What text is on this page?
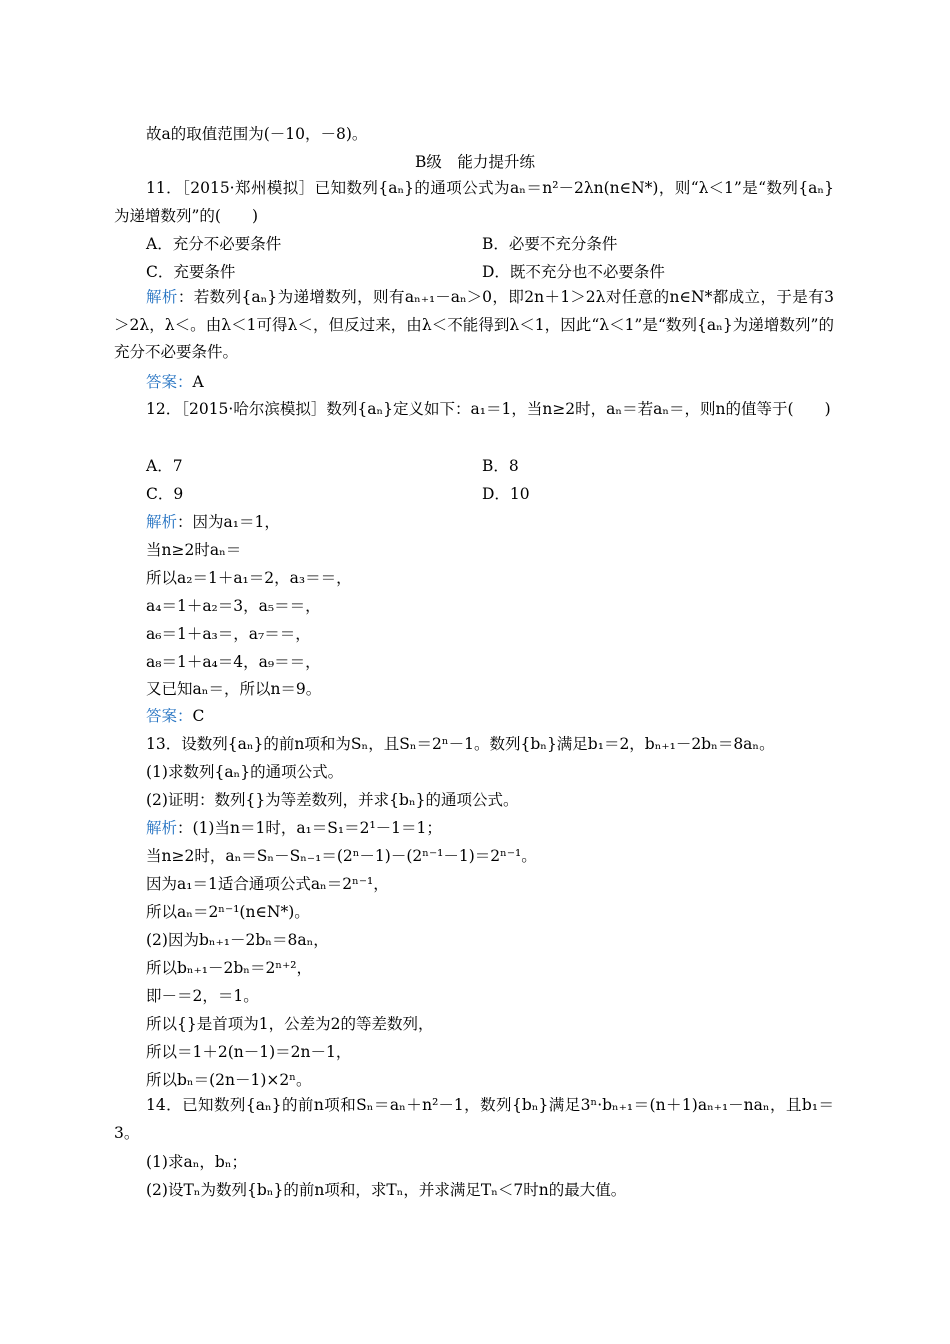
故a的取值范围为(－10，－8)。
B级　能力提升练
11．［2015·郑州模拟］已知数列{aₙ}的通项公式为aₙ＝n²－2λn(n∈N*)，则“λ＜1”是“数列{aₙ}为递增数列”的(　　)
A．充分不必要条件	B．必要不充分条件
C．充要条件	D．既不充分也不必要条件
解析：若数列{aₙ}为递增数列，则有aₙ₊₁－aₙ＞0，即2n＋1＞2λ对任意的n∈N*都成立，于是有3＞2λ，λ＜。由λ＜1可得λ＜，但反过来，由λ＜不能得到λ＜1，因此“λ＜1”是“数列{aₙ}为递增数列”的充分不必要条件。
答案：A
12．［2015·哈尔滨模拟］数列{aₙ}定义如下：a₁＝1，当n≥2时，aₙ＝若aₙ＝，则n的值等于(　　)
A．7	B．8
C．9	D．10
解析：因为a₁＝1，
当n≥2时aₙ＝
所以a₂＝1＋a₁＝2，a₃＝＝，
a₄＝1＋a₂＝3，a₅＝＝，
a₆＝1＋a₃＝，a₇＝＝，
a₈＝1＋a₄＝4，a₉＝＝，
又已知aₙ＝，所以n＝9。
答案：C
13．设数列{aₙ}的前n项和为Sₙ，且Sₙ＝2ⁿ－1。数列{bₙ}满足b₁＝2，bₙ₊₁－2bₙ＝8aₙ。
(1)求数列{aₙ}的通项公式。
(2)证明：数列{}为等差数列，并求{bₙ}的通项公式。
解析：(1)当n＝1时，a₁＝S₁＝2¹－1＝1；
当n≥2时，aₙ＝Sₙ－Sₙ₋₁＝(2ⁿ－1)－(2ⁿ⁻¹－1)＝2ⁿ⁻¹。
因为a₁＝1适合通项公式aₙ＝2ⁿ⁻¹，
所以aₙ＝2ⁿ⁻¹(n∈N*)。
(2)因为bₙ₊₁－2bₙ＝8aₙ，
所以bₙ₊₁－2bₙ＝2ⁿ⁺²，
即－＝2，＝1。
所以{}是首项为1，公差为2的等差数列，
所以＝1＋2(n－1)＝2n－1，
所以bₙ＝(2n－1)×2ⁿ。
14．已知数列{aₙ}的前n项和Sₙ＝aₙ＋n²－1，数列{bₙ}满足3ⁿ·bₙ₊₁＝(n＋1)aₙ₊₁－naₙ，且b₁＝3。
(1)求aₙ，bₙ；
(2)设Tₙ为数列{bₙ}的前n项和，求Tₙ，并求满足Tₙ＜7时n的最大值。
